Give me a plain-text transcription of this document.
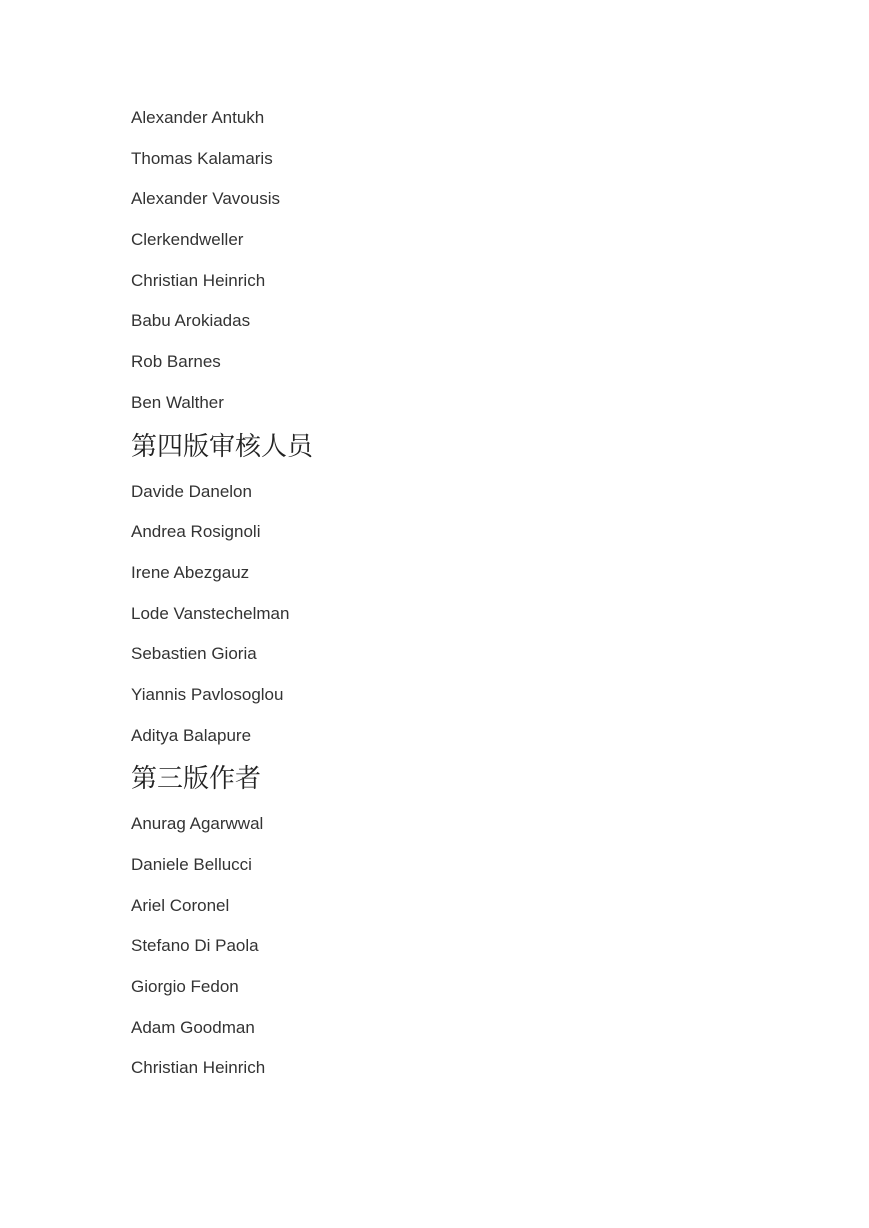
Alexander Antukh

Thomas Kalamaris

Alexander Vavousis

Clerkendweller

Christian Heinrich

Babu Arokiadas

Rob Barnes

Ben Walther

第四版审核人员

Davide Danelon

Andrea Rosignoli

Irene Abezgauz

Lode Vanstechelman

Sebastien Gioria

Yiannis Pavlosoglou

Aditya Balapure

第三版作者

Anurag Agarwwal

Daniele Bellucci

Ariel Coronel

Stefano Di Paola

Giorgio Fedon

Adam Goodman

Christian Heinrich
